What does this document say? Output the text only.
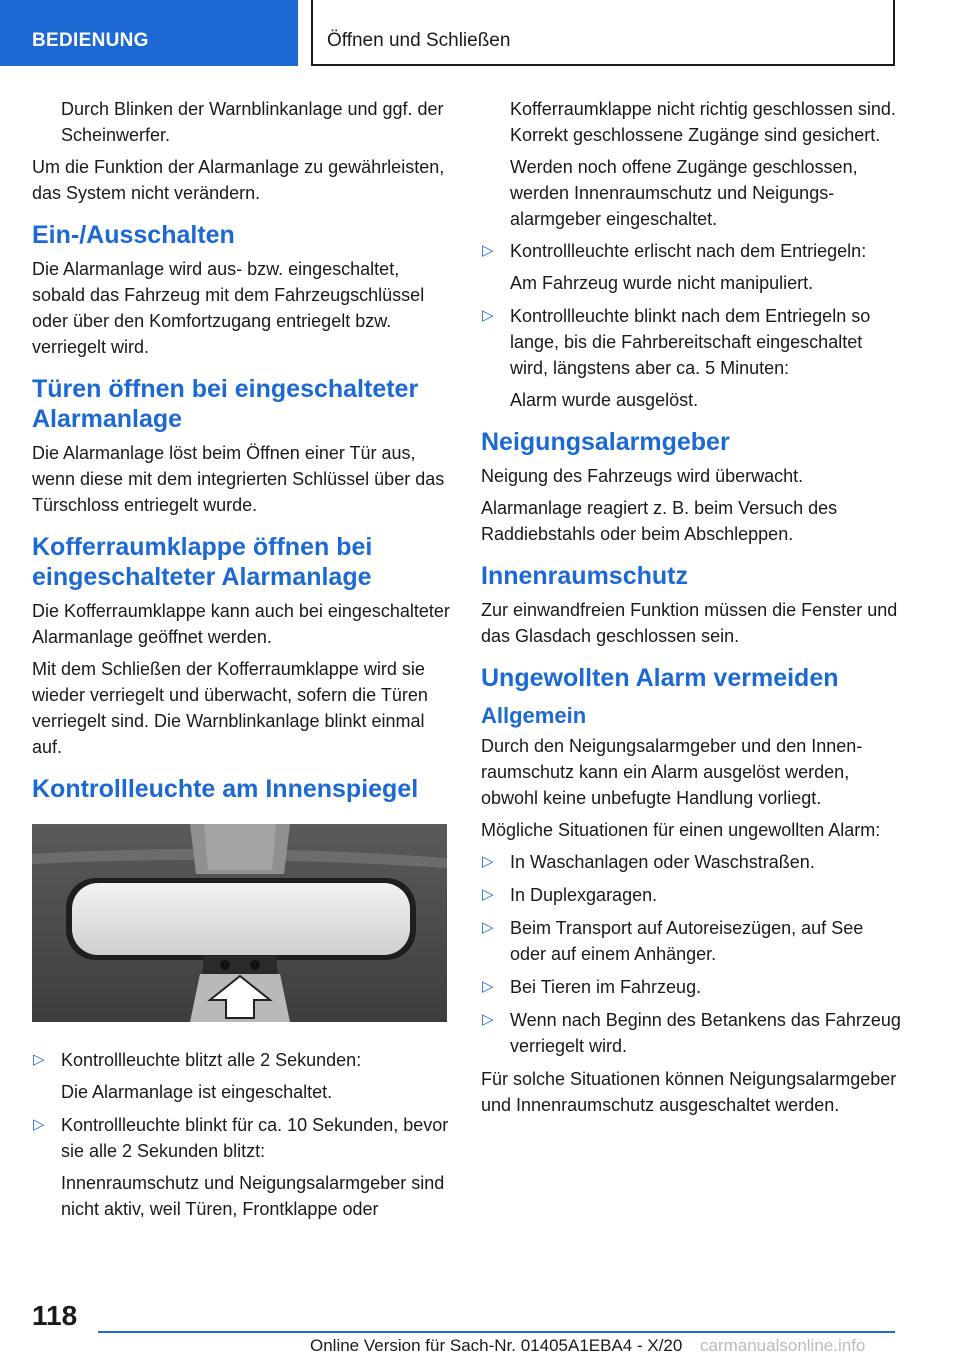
BEDIENUNG	Öffnen und Schließen

Durch Blinken der Warnblinkanlage und ggf. der Scheinwerfer.

Um die Funktion der Alarmanlage zu gewährleisten, das System nicht verändern.

Ein-/Ausschalten

Die Alarmanlage wird aus- bzw. eingeschaltet, sobald das Fahrzeug mit dem Fahrzeugschlüssel oder über den Komfortzugang entriegelt bzw. verriegelt wird.

Türen öffnen bei eingeschalteter Alarmanlage

Die Alarmanlage löst beim Öffnen einer Tür aus, wenn diese mit dem integrierten Schlüssel über das Türschloss entriegelt wurde.

Kofferraumklappe öffnen bei eingeschalteter Alarmanlage

Die Kofferraumklappe kann auch bei eingeschalteter Alarmanlage geöffnet werden.

Mit dem Schließen der Kofferraumklappe wird sie wieder verriegelt und überwacht, sofern die Türen verriegelt sind. Die Warnblinkanlage blinkt einmal auf.

Kontrollleuchte am Innenspiegel
▷ Kontrollleuchte blitzt alle 2 Sekunden:

Die Alarmanlage ist eingeschaltet.

▷ Kontrollleuchte blinkt für ca. 10 Sekunden, bevor sie alle 2 Sekunden blitzt:

Innenraumschutz und Neigungsalarmgeber sind nicht aktiv, weil Türen, Frontklappe oder

Kofferraumklappe nicht richtig geschlossen sind. Korrekt geschlossene Zugänge sind gesichert.

Werden noch offene Zugänge geschlossen, werden Innenraumschutz und Neigungsalarmgeber eingeschaltet.

▷ Kontrollleuchte erlischt nach dem Entriegeln:

Am Fahrzeug wurde nicht manipuliert.

▷ Kontrollleuchte blinkt nach dem Entriegeln so lange, bis die Fahrbereitschaft eingeschaltet wird, längstens aber ca. 5 Minuten:

Alarm wurde ausgelöst.

Neigungsalarmgeber

Neigung des Fahrzeugs wird überwacht.

Alarmanlage reagiert z. B. beim Versuch des Raddiebstahls oder beim Abschleppen.

Innenraumschutz

Zur einwandfreien Funktion müssen die Fenster und das Glasdach geschlossen sein.

Ungewollten Alarm vermeiden
Allgemein

Durch den Neigungsalarmgeber und den Innenraumschutz kann ein Alarm ausgelöst werden, obwohl keine unbefugte Handlung vorliegt.

Mögliche Situationen für einen ungewollten Alarm:

▷ In Waschanlagen oder Waschstraßen.

▷ In Duplexgaragen.

▷ Beim Transport auf Autoreisezügen, auf See oder auf einem Anhänger.

▷ Bei Tieren im Fahrzeug.

▷ Wenn nach Beginn des Betankens das Fahrzeug verriegelt wird.

Für solche Situationen können Neigungsalarmgeber und Innenraumschutz ausgeschaltet werden.

118
Online Version für Sach-Nr. 01405A1EBA4 - X/20 carmanualsonline.info
